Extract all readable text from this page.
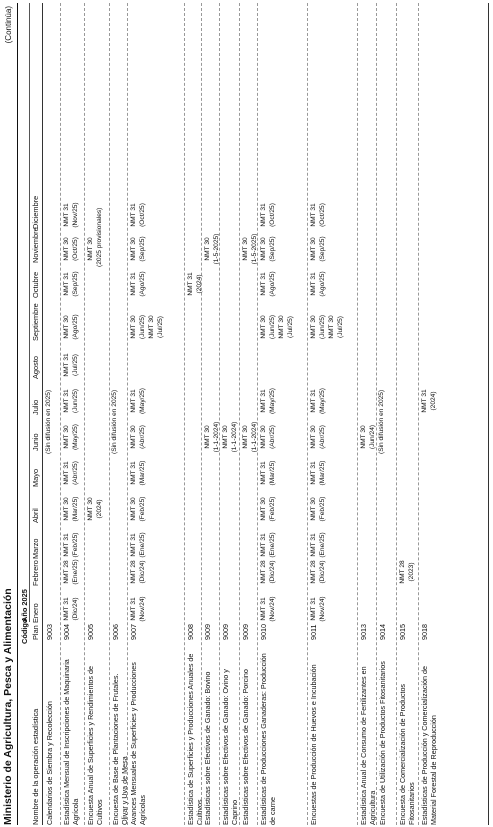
Ministerio de Agricultura, Pesca y Alimentación
(Continúa)
Código
Año 2025
Nombre de la operación estadística
Plan
Enero
Febrero
Marzo
Abril
Mayo
Junio
Julio
Agosto
Septiembre
Octubre
Noviembre
Diciembre
Calendarios de Siembra y Recolección
9003
(Sin difusión en 2025)
Estadística Mensual de Inscripciones de Maquinaria Agrícola
9004
NMT 31 (Dic/24)
NMT 28 (Ene/25)
NMT 31 (Feb/25)
NMT 30 (Mar/25)
NMT 31 (Abr/25)
NMT 30 (May/25)
NMT 31 (Jun/25)
NMT 31 (Jul/25)
NMT 30 (Ago/25)
NMT 31 (Sep/25)
NMT 30 (Oct/25)
NMT 31 (Nov/25)
Encuesta Anual de Superficies y Rendimientos de Cultivos
9005
NMT 30 (2024)
NMT 30 (2025 provisionales)
Encuesta de Base de Plantaciones de Frutales. Olivar y Uva de Mesa
9006
(Sin difusión en 2025)
Avances Mensuales de Superficies y Producciones Agrícolas
9007
NMT 31 (Nov/24)
NMT 28 (Dic/24)
NMT 31 (Ene/25)
NMT 30 (Feb/25)
NMT 31 (Mar/25)
NMT 30 (Abr/25)
NMT 31 (May/25)
NMT 30 (Jun/25) NMT 30 (Jul/25)
NMT 31 (Ago/25)
NMT 30 (Sep/25)
NMT 31 (Oct/25)
Estadística de Superficies y Producciones Anuales de Cultivos
9008
NMT 31 (2024)
Estadísticas sobre Efectivos de Ganado: Bovino
9009
NMT 30 (1-1-2024)
NMT 30 (1-5-2025)
Estadísticas sobre Efectivos de Ganado: Ovino y Caprino
9009
NMT 30 (1-1-2024)
Estadísticas sobre Efectivos de Ganado: Porcino
9009
NMT 30 (1-1-2024)
NMT 30 (1-5-2025)
Estadísticas de Producciones Ganaderas: Producción de carne
9010
NMT 31 (Nov/24)
NMT 28 (Dic/24)
NMT 31 (Ene/25)
NMT 30 (Feb/25)
NMT 31 (Mar/25)
NMT 30 (Abr/25)
NMT 31 (May/25)
NMT 30 (Jun/25) NMT 30 (Jul/25)
NMT 31 (Ago/25)
NMT 30 (Sep/25)
NMT 31 (Oct/25)
Encuestas de Producción de Huevos e Incubación
9011
NMT 31 (Nov/24)
NMT 28 (Dic/24)
NMT 31 (Ene/25)
NMT 30 (Feb/25)
NMT 31 (Mar/25)
NMT 30 (Abr/25)
NMT 31 (May/25)
NMT 30 (Jun/25) NMT 30 (Jul/25)
NMT 31 (Ago/25)
NMT 30 (Sep/25)
NMT 31 (Oct/25)
Estadística Anual de Consumo de Fertilizantes en Agricultura
9013
NMT 30 (Jun/24)
Encuesta de Utilización de Productos Fitosanitarios
9014
(Sin difusión en 2025)
Encuesta de Comercialización de Productos Fitosanitarios
9015
NMT 28 (2023)
Estadísticas de Producción y Comercialización de Material Forestal de Reproducción
9018
NMT 31 (2024)
